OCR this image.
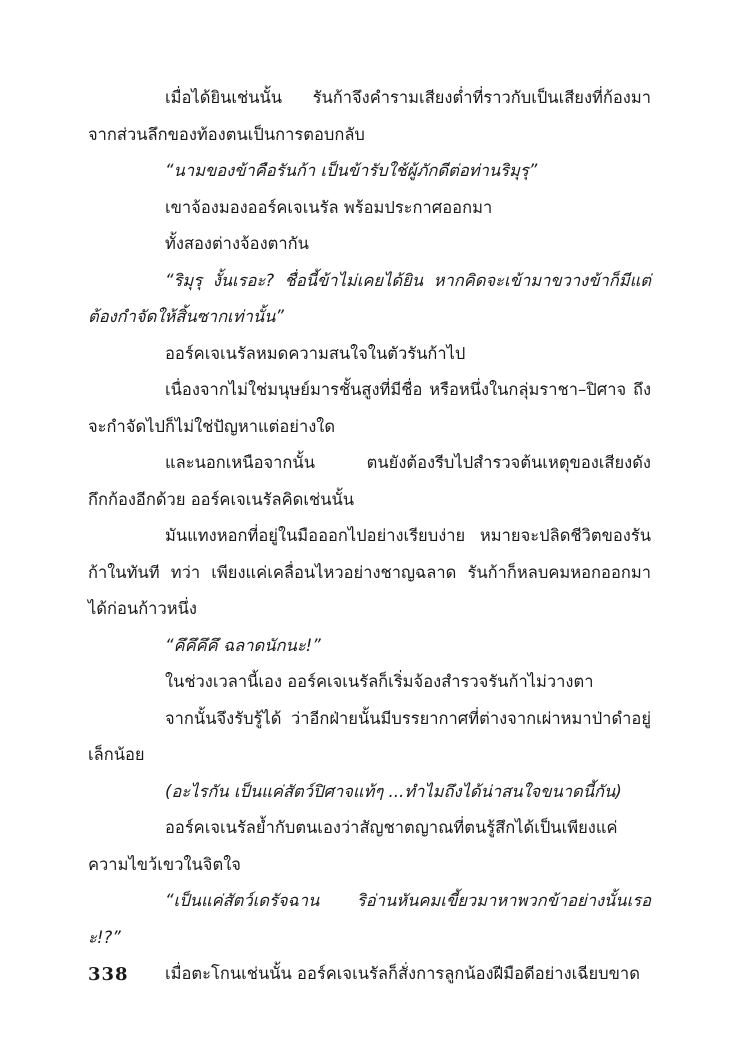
เมื่อได้ยินเช่นนั้น รันก้าจึงคำรามเสียงต่ำที่ราวกับเป็นเสียงที่ก้องมาจากส่วนลึกของท้องตนเป็นการตอบกลับ

“นามของข้าคือรันก้า เป็นข้ารับใช้ผู้ภักดีต่อท่านริมุรุ”

เขาจ้องมองออร์คเจเนรัล พร้อมประกาศออกมา

ทั้งสองต่างจ้องตากัน

“ริมุรุ งั้นเรอะ? ชื่อนี้ข้าไม่เคยได้ยิน หากคิดจะเข้ามาขวางข้าก็มีแต่ต้องกำจัดให้สิ้นซากเท่านั้น”

ออร์คเจเนรัลหมดความสนใจในตัวรันก้าไป

เนื่องจากไม่ใช่มนุษย์มารชั้นสูงที่มีชื่อ หรือหนึ่งในกลุ่มราชา–ปิศาจ ถึงจะกำจัดไปก็ไม่ใช่ปัญหาแต่อย่างใด

และนอกเหนือจากนั้น ตนยังต้องรีบไปสำรวจต้นเหตุของเสียงดังกึกก้องอีกด้วย ออร์คเจเนรัลคิดเช่นนั้น

มันแทงหอกที่อยู่ในมือออกไปอย่างเรียบง่าย หมายจะปลิดชีวิตของรันก้าในทันที ทว่า เพียงแค่เคลื่อนไหวอย่างชาญฉลาด รันก้าก็หลบคมหอกออกมาได้ก่อนก้าวหนึ่ง

“คึคึคึคึ ฉลาดนักนะ!”

ในช่วงเวลานี้เอง ออร์คเจเนรัลก็เริ่มจ้องสำรวจรันก้าไม่วางตา

จากนั้นจึงรับรู้ได้ ว่าอีกฝ่ายนั้นมีบรรยากาศที่ต่างจากเผ่าหมาป่าดำอยู่เล็กน้อย

(อะไรกัน เป็นแค่สัตว์ปิศาจแท้ๆ ...ทำไมถึงได้น่าสนใจขนาดนี้กัน)

ออร์คเจเนรัลย้ำกับตนเองว่าสัญชาตญาณที่ตนรู้สึกได้เป็นเพียงแค่ความไขว้เขวในจิตใจ

“เป็นแค่สัตว์เดรัจฉาน ริอ่านหันคมเขี้ยวมาหาพวกข้าอย่างนั้นเรอะ!?”

เมื่อตะโกนเช่นนั้น ออร์คเจเนรัลก็สั่งการลูกน้องฝีมือดีอย่างเฉียบขาด

338
